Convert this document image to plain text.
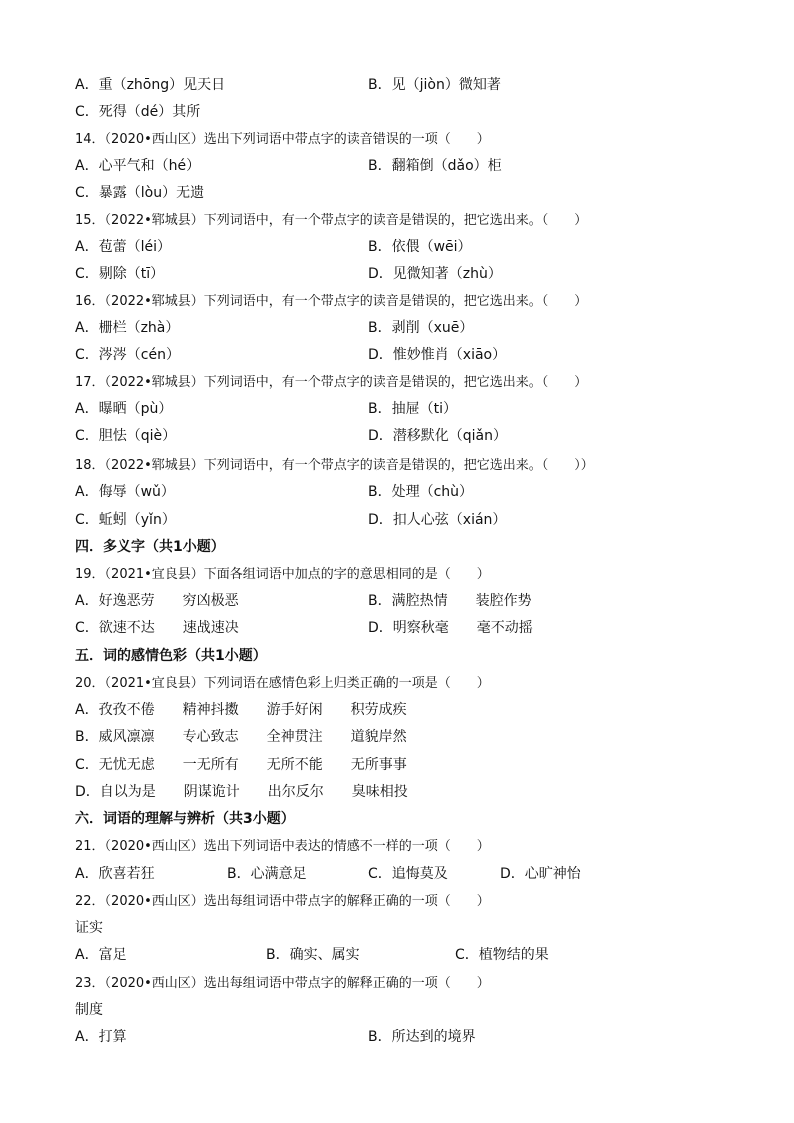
A．重（zhōng）见天日	B．见（jiòn）微知著
C．死得（dé）其所
14．（2020•西山区）选出下列词语中带点字的读音错误的一项（　　）
A．心平气和（hé）	B．翻箱倒（dǎo）柜
C．暴露（lòu）无遗
15．（2022•郓城县）下列词语中，有一个带点字的读音是错误的，把它选出来。（　　）
A．苞蕾（léi）	B．依偎（wēi）
C．剔除（tī）	D．见微知著（zhù）
16．（2022•郓城县）下列词语中，有一个带点字的读音是错误的，把它选出来。（　　）
A．栅栏（zhà）	B．剥削（xuē）
C．涔涔（cén）	D．惟妙惟肖（xiāo）
17．（2022•郓城县）下列词语中，有一个带点字的读音是错误的，把它选出来。（　　）
A．曝晒（pù）	B．抽屉（ti）
C．胆怯（qiè）	D．潜移默化（qiǎn）
18．（2022•郓城县）下列词语中，有一个带点字的读音是错误的，把它选出来。（　　））
A．侮辱（wǔ）	B．处理（chù）
C．蚯蚓（yǐn）	D．扣人心弦（xián）
四．多义字（共1小题）
19．（2021•宜良县）下面各组词语中加点的字的意思相同的是（　　）
A．好逸恶劳　　穷凶极恶	B．满腔热情　　装腔作势
C．欲速不达　　速战速决	D．明察秋毫　　毫不动摇
五．词的感情色彩（共1小题）
20．（2021•宜良县）下列词语在感情色彩上归类正确的一项是（　　）
A．孜孜不倦　　精神抖擞　　游手好闲　　积劳成疾
B．威风凛凛　　专心致志　　全神贯注　　道貌岸然
C．无忧无虑　　一无所有　　无所不能　　无所事事
D．自以为是　　阴谋诡计　　出尔反尔　　臭味相投
六．词语的理解与辨析（共3小题）
21．（2020•西山区）选出下列词语中表达的情感不一样的一项（　　）
A．欣喜若狂	B．心满意足	C．追悔莫及	D．心旷神怡
22．（2020•西山区）选出每组词语中带点字的解释正确的一项（　　）
证实
A．富足	B．确实、属实	C．植物结的果
23．（2020•西山区）选出每组词语中带点字的解释正确的一项（　　）
制度
A．打算	B．所达到的境界
